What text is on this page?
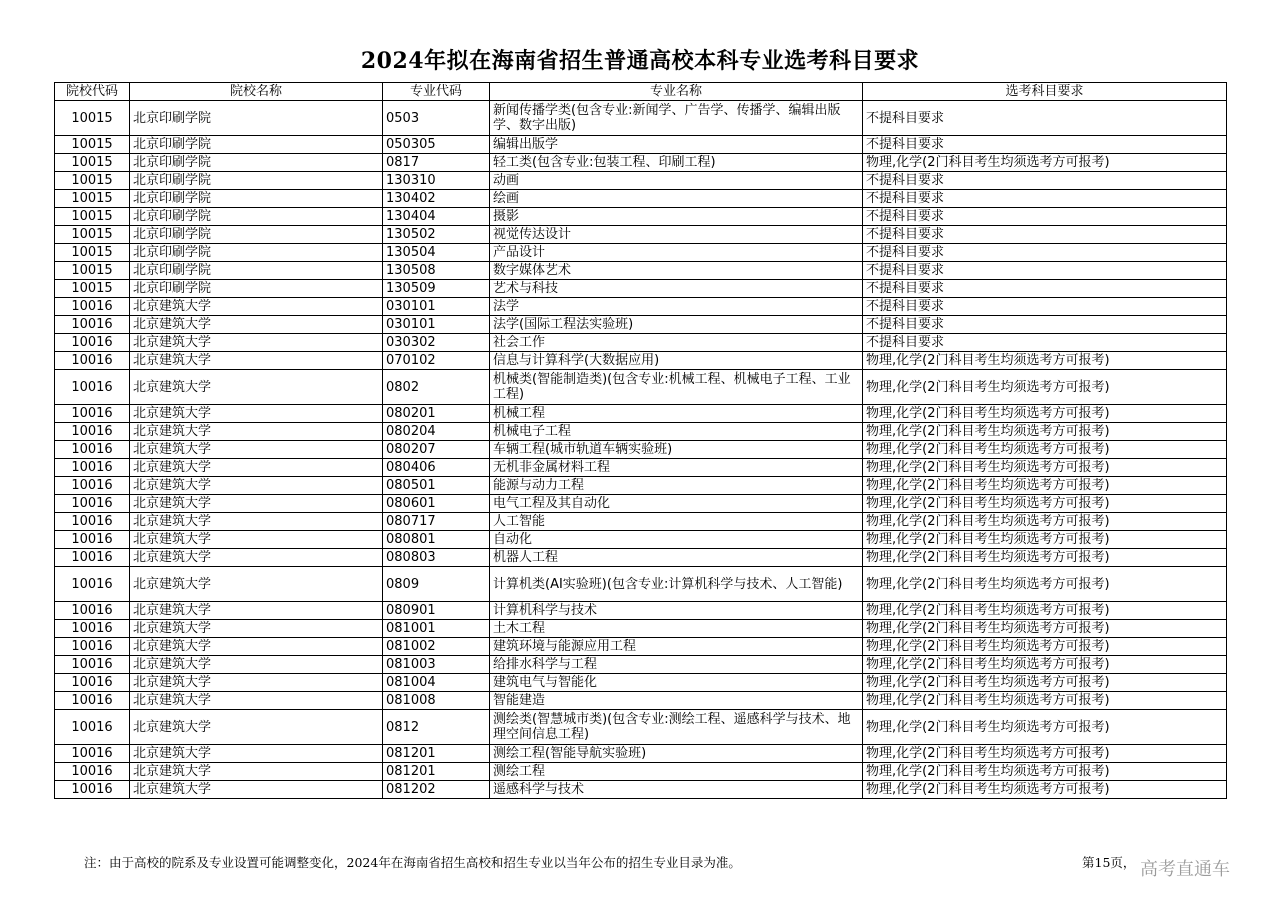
2024年拟在海南省招生普通高校本科专业选考科目要求
院校代码	院校名称	专业代码	专业名称	选考科目要求
10015	北京印刷学院	0503	新闻传播学类(包含专业:新闻学、广告学、传播学、编辑出版学、数字出版)	不提科目要求
10015	北京印刷学院	050305	编辑出版学	不提科目要求
10015	北京印刷学院	0817	轻工类(包含专业:包装工程、印刷工程)	物理,化学(2门科目考生均须选考方可报考)
10015	北京印刷学院	130310	动画	不提科目要求
10015	北京印刷学院	130402	绘画	不提科目要求
10015	北京印刷学院	130404	摄影	不提科目要求
10015	北京印刷学院	130502	视觉传达设计	不提科目要求
10015	北京印刷学院	130504	产品设计	不提科目要求
10015	北京印刷学院	130508	数字媒体艺术	不提科目要求
10015	北京印刷学院	130509	艺术与科技	不提科目要求
10016	北京建筑大学	030101	法学	不提科目要求
10016	北京建筑大学	030101	法学(国际工程法实验班)	不提科目要求
10016	北京建筑大学	030302	社会工作	不提科目要求
10016	北京建筑大学	070102	信息与计算科学(大数据应用)	物理,化学(2门科目考生均须选考方可报考)
10016	北京建筑大学	0802	机械类(智能制造类)(包含专业:机械工程、机械电子工程、工业工程)	物理,化学(2门科目考生均须选考方可报考)
10016	北京建筑大学	080201	机械工程	物理,化学(2门科目考生均须选考方可报考)
10016	北京建筑大学	080204	机械电子工程	物理,化学(2门科目考生均须选考方可报考)
10016	北京建筑大学	080207	车辆工程(城市轨道车辆实验班)	物理,化学(2门科目考生均须选考方可报考)
10016	北京建筑大学	080406	无机非金属材料工程	物理,化学(2门科目考生均须选考方可报考)
10016	北京建筑大学	080501	能源与动力工程	物理,化学(2门科目考生均须选考方可报考)
10016	北京建筑大学	080601	电气工程及其自动化	物理,化学(2门科目考生均须选考方可报考)
10016	北京建筑大学	080717	人工智能	物理,化学(2门科目考生均须选考方可报考)
10016	北京建筑大学	080801	自动化	物理,化学(2门科目考生均须选考方可报考)
10016	北京建筑大学	080803	机器人工程	物理,化学(2门科目考生均须选考方可报考)
10016	北京建筑大学	0809	计算机类(AI实验班)(包含专业:计算机科学与技术、人工智能)	物理,化学(2门科目考生均须选考方可报考)
10016	北京建筑大学	080901	计算机科学与技术	物理,化学(2门科目考生均须选考方可报考)
10016	北京建筑大学	081001	土木工程	物理,化学(2门科目考生均须选考方可报考)
10016	北京建筑大学	081002	建筑环境与能源应用工程	物理,化学(2门科目考生均须选考方可报考)
10016	北京建筑大学	081003	给排水科学与工程	物理,化学(2门科目考生均须选考方可报考)
10016	北京建筑大学	081004	建筑电气与智能化	物理,化学(2门科目考生均须选考方可报考)
10016	北京建筑大学	081008	智能建造	物理,化学(2门科目考生均须选考方可报考)
10016	北京建筑大学	0812	测绘类(智慧城市类)(包含专业:测绘工程、遥感科学与技术、地理空间信息工程)	物理,化学(2门科目考生均须选考方可报考)
10016	北京建筑大学	081201	测绘工程(智能导航实验班)	物理,化学(2门科目考生均须选考方可报考)
10016	北京建筑大学	081201	测绘工程	物理,化学(2门科目考生均须选考方可报考)
10016	北京建筑大学	081202	遥感科学与技术	物理,化学(2门科目考生均须选考方可报考)
注：由于高校的院系及专业设置可能调整变化，2024年在海南省招生高校和招生专业以当年公布的招生专业目录为准。	第15页， 高考直通车
